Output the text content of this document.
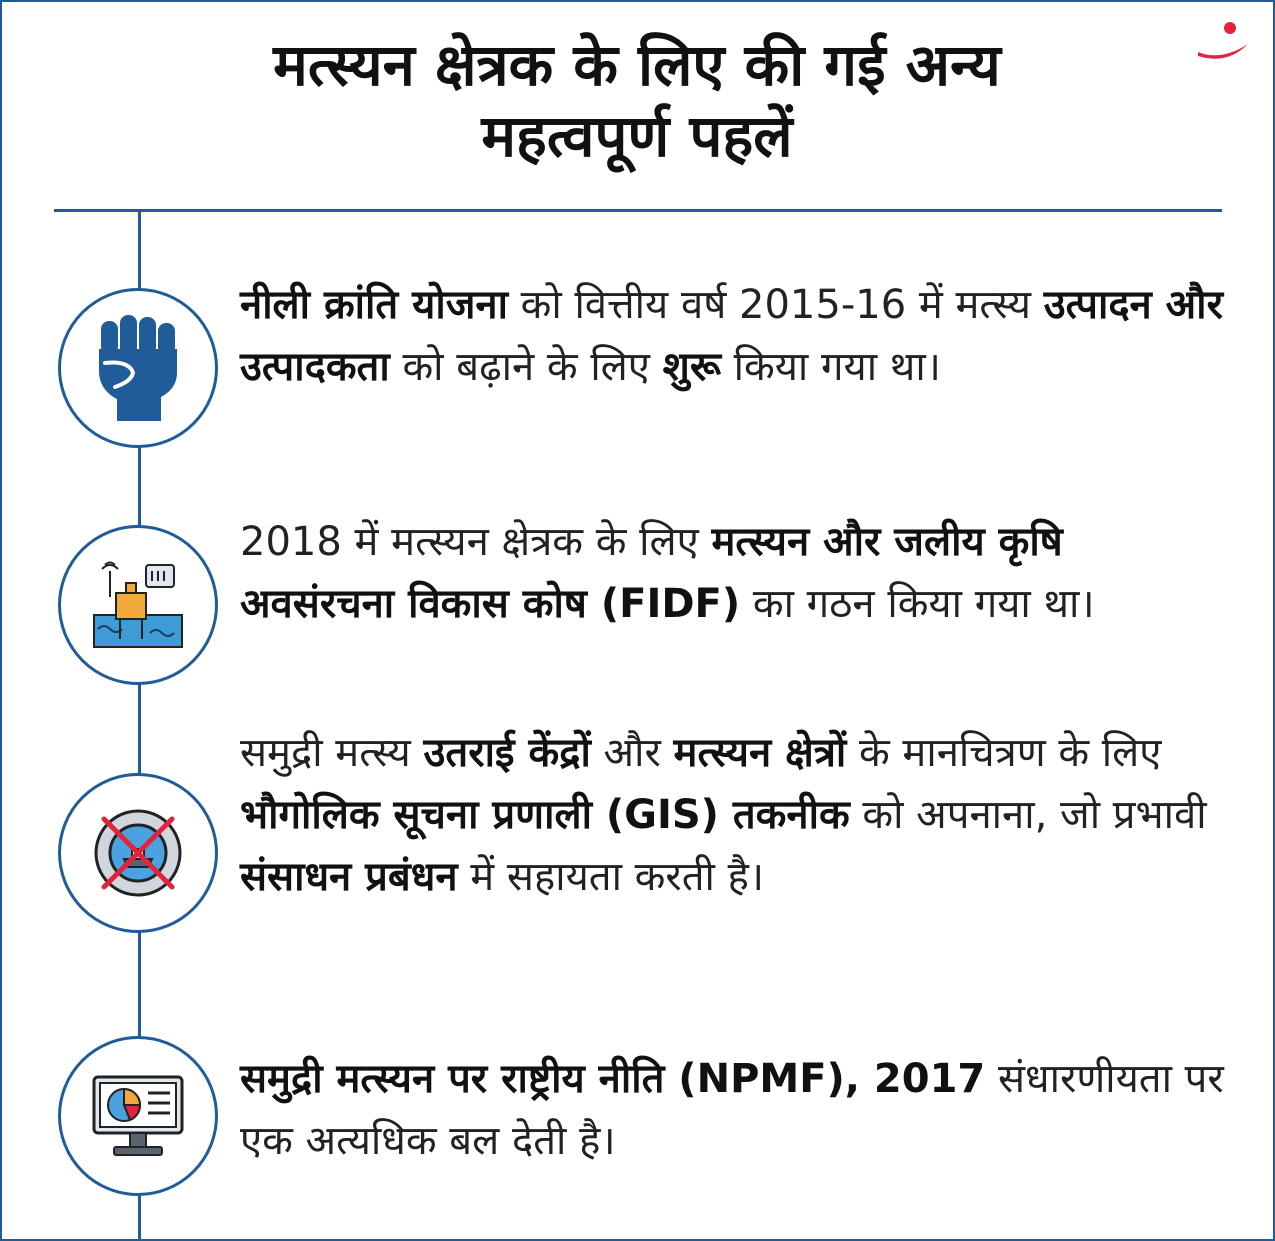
मत्स्यन क्षेत्रक के लिए की गई अन्य
महत्वपूर्ण पहलें

नीली क्रांति योजना को वित्तीय वर्ष 2015-16 में मत्स्य उत्पादन और उत्पादकता को बढ़ाने के लिए शुरू किया गया था।

2018 में मत्स्यन क्षेत्रक के लिए मत्स्यन और जलीय कृषि अवसंरचना विकास कोष (FIDF) का गठन किया गया था।

समुद्री मत्स्य उतराई केंद्रों और मत्स्यन क्षेत्रों के मानचित्रण के लिए भौगोलिक सूचना प्रणाली (GIS) तकनीक को अपनाना, जो प्रभावी संसाधन प्रबंधन में सहायता करती है।

समुद्री मत्स्यन पर राष्ट्रीय नीति (NPMF), 2017 संधारणीयता पर एक अत्यधिक बल देती है।
